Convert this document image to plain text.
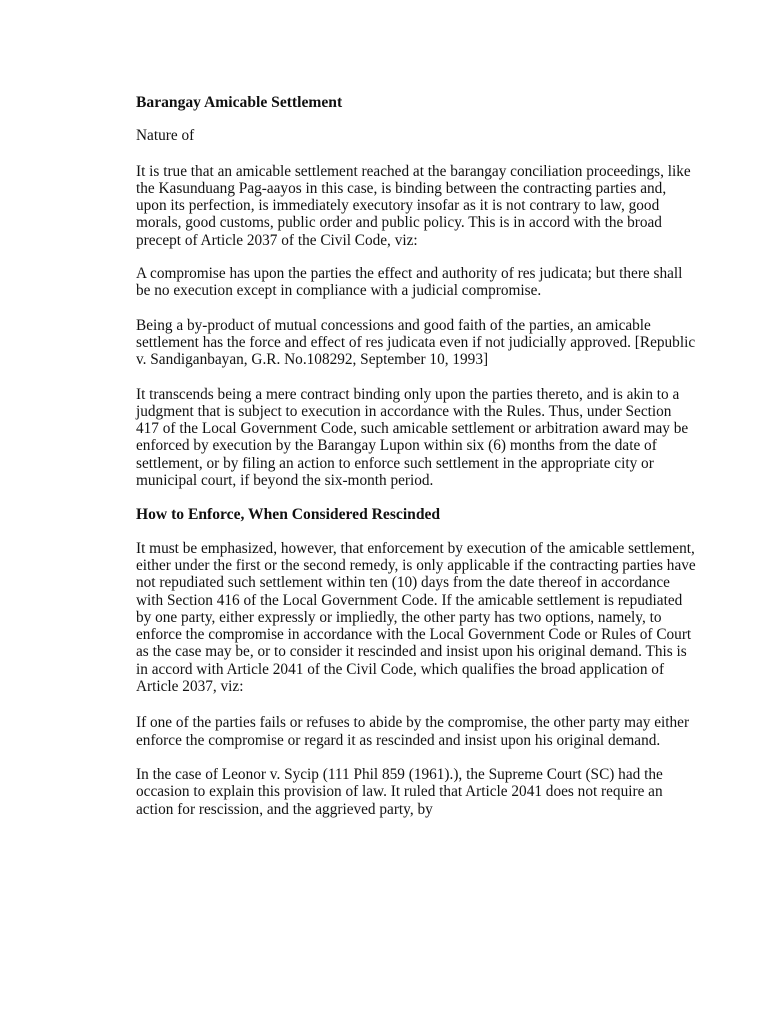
Barangay Amicable Settlement

Nature of

It is true that an amicable settlement reached at the barangay conciliation proceedings, like the Kasunduang Pag-aayos in this case, is binding between the contracting parties and, upon its perfection, is immediately executory insofar as it is not contrary to law, good morals, good customs, public order and public policy. This is in accord with the broad precept of Article 2037 of the Civil Code, viz:

A compromise has upon the parties the effect and authority of res judicata; but there shall be no execution except in compliance with a judicial compromise.

Being a by-product of mutual concessions and good faith of the parties, an amicable settlement has the force and effect of res judicata even if not judicially approved. [Republic v. Sandiganbayan, G.R. No.108292, September 10, 1993]

It transcends being a mere contract binding only upon the parties thereto, and is akin to a judgment that is subject to execution in accordance with the Rules. Thus, under Section 417 of the Local Government Code, such amicable settlement or arbitration award may be enforced by execution by the Barangay Lupon within six (6) months from the date of settlement, or by filing an action to enforce such settlement in the appropriate city or municipal court, if beyond the six-month period.

How to Enforce, When Considered Rescinded

It must be emphasized, however, that enforcement by execution of the amicable settlement, either under the first or the second remedy, is only applicable if the contracting parties have not repudiated such settlement within ten (10) days from the date thereof in accordance with Section 416 of the Local Government Code. If the amicable settlement is repudiated by one party, either expressly or impliedly, the other party has two options, namely, to enforce the compromise in accordance with the Local Government Code or Rules of Court as the case may be, or to consider it rescinded and insist upon his original demand. This is in accord with Article 2041 of the Civil Code, which qualifies the broad application of Article 2037, viz:

If one of the parties fails or refuses to abide by the compromise, the other party may either enforce the compromise or regard it as rescinded and insist upon his original demand.

In the case of Leonor v. Sycip (111 Phil 859 (1961).), the Supreme Court (SC) had the occasion to explain this provision of law. It ruled that Article 2041 does not require an action for rescission, and the aggrieved party, by
